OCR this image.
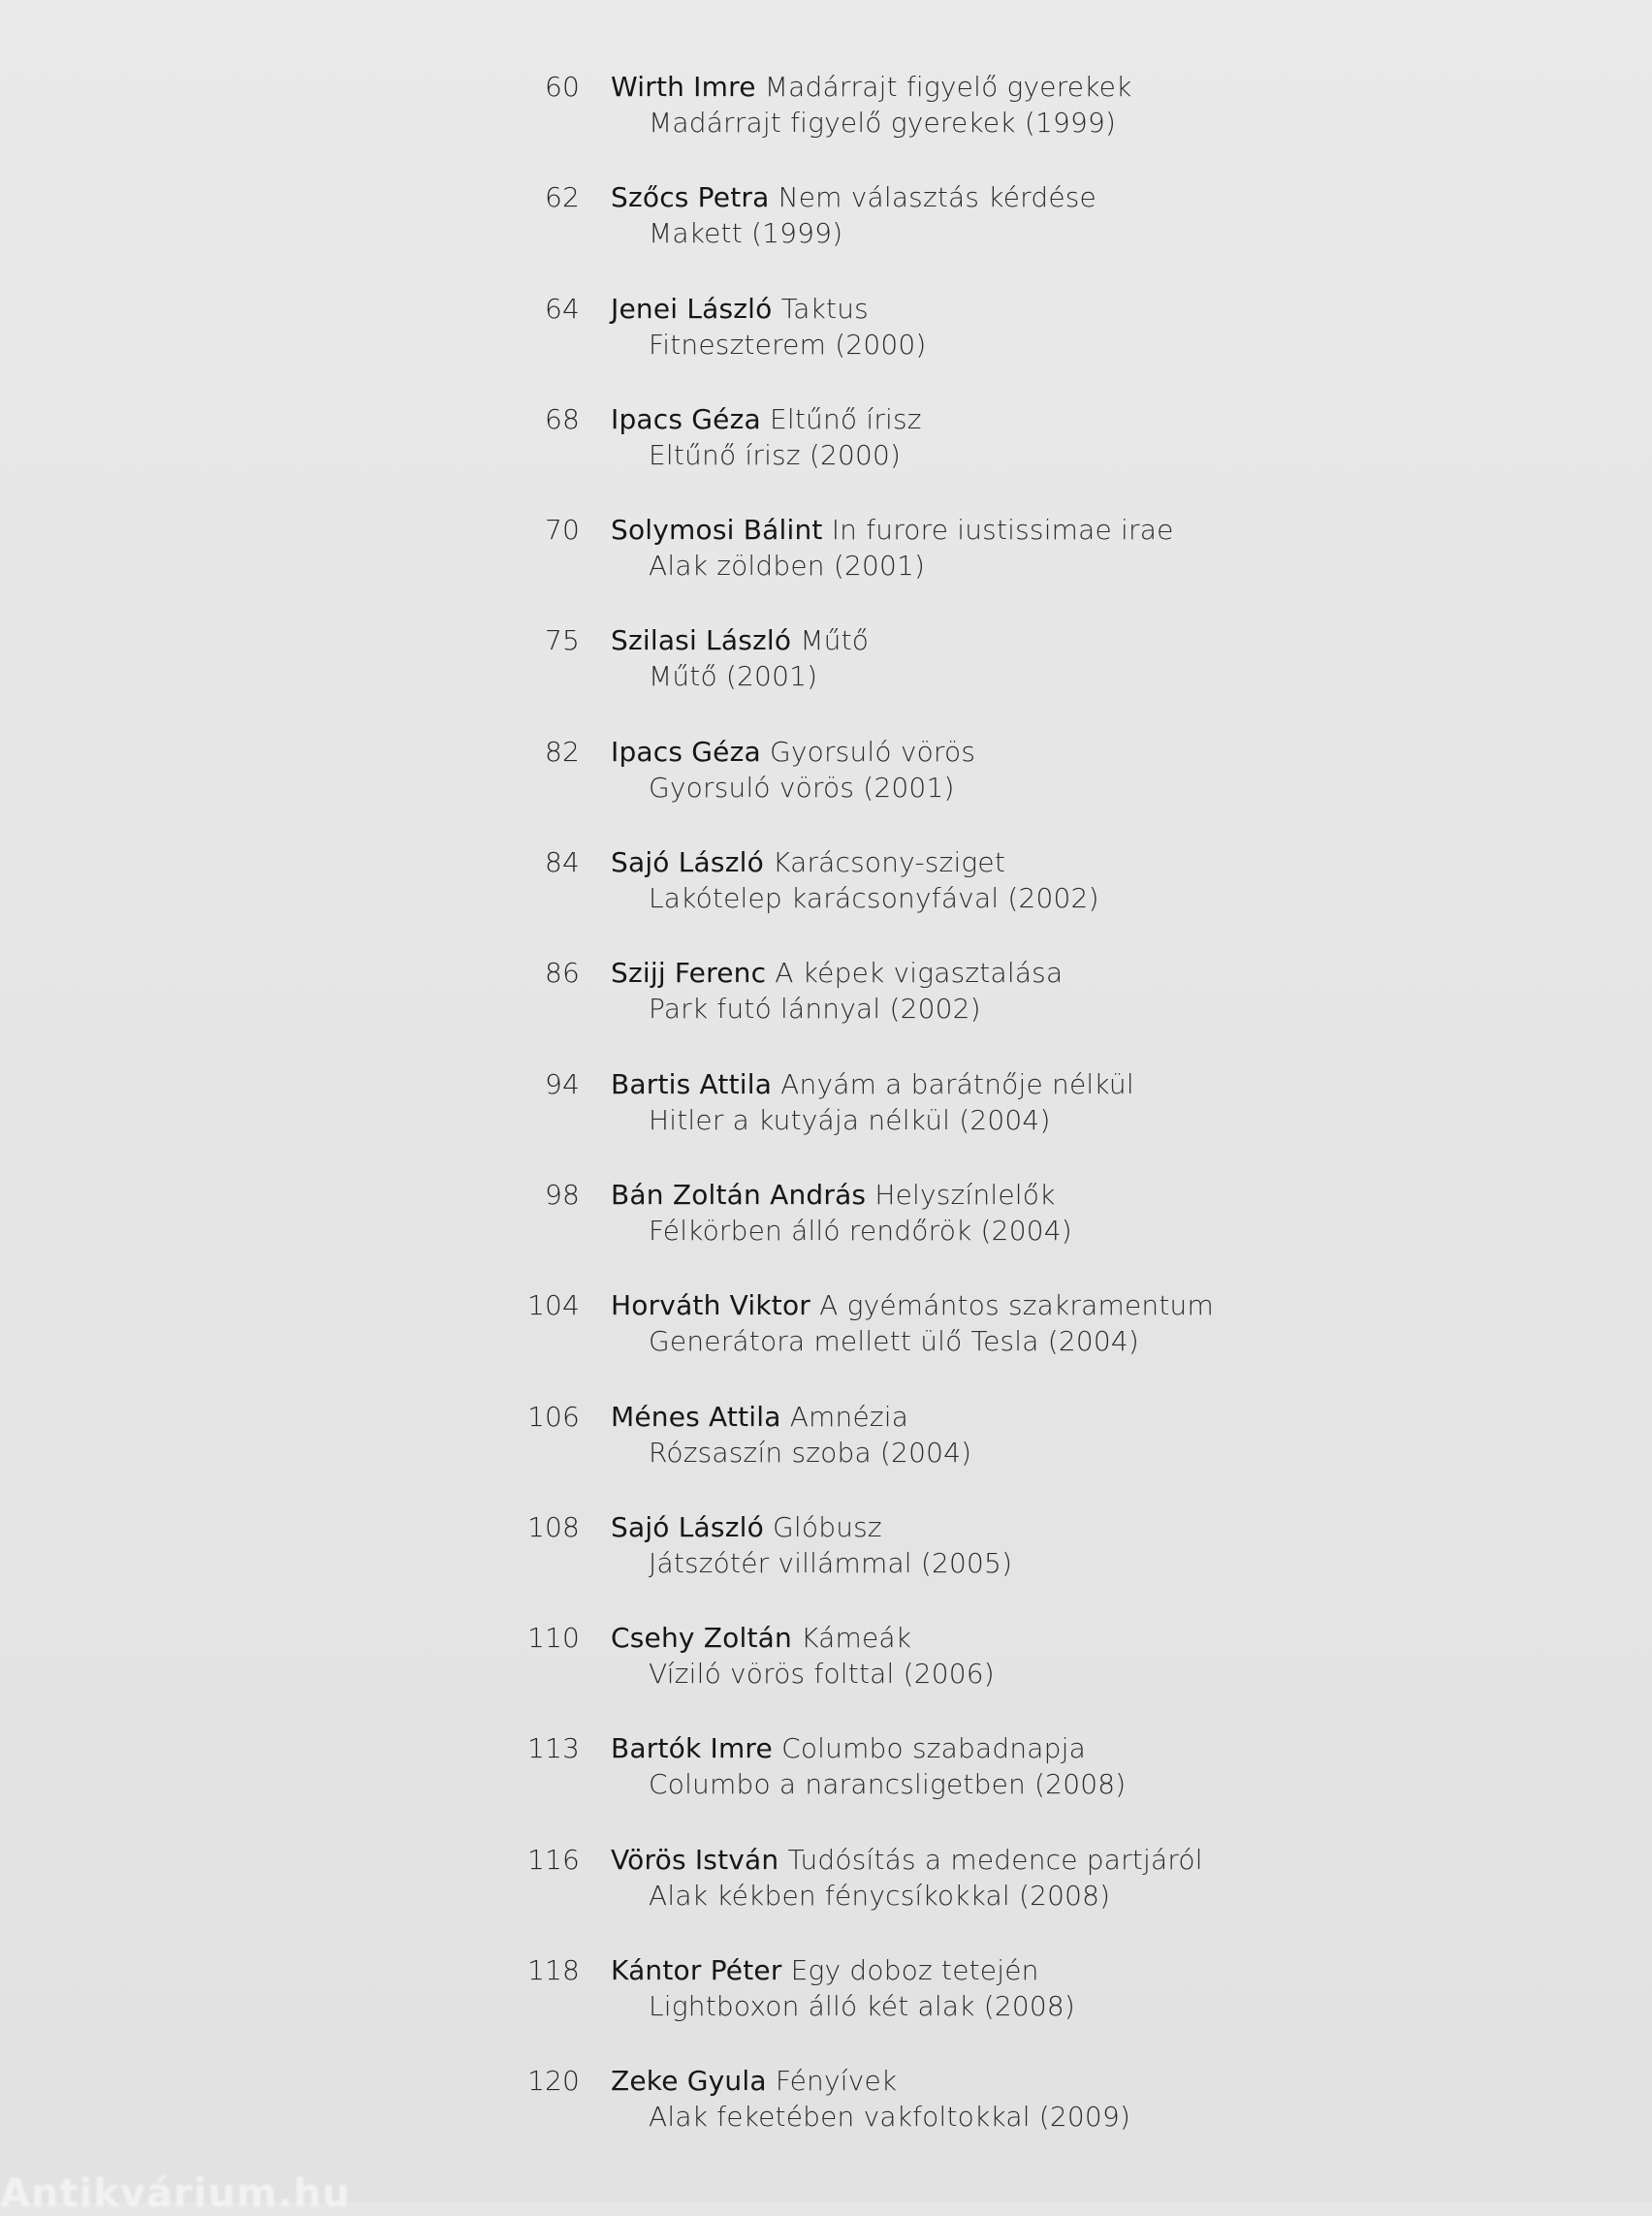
60 Wirth Imre Madárrajt figyelő gyerekek
Madárrajt figyelő gyerekek (1999)
62 Szőcs Petra Nem választás kérdése
Makett (1999)
64 Jenei László Taktus
Fitneszterem (2000)
68 Ipacs Géza Eltűnő írisz
Eltűnő írisz (2000)
70 Solymosi Bálint In furore iustissimae irae
Alak zöldben (2001)
75 Szilasi László Műtő
Műtő (2001)
82 Ipacs Géza Gyorsuló vörös
Gyorsuló vörös (2001)
84 Sajó László Karácsony-sziget
Lakótelep karácsonyfával (2002)
86 Szijj Ferenc A képek vigasztalása
Park futó lánnyal (2002)
94 Bartis Attila Anyám a barátnője nélkül
Hitler a kutyája nélkül (2004)
98 Bán Zoltán András Helyszínlelők
Félkörben álló rendőrök (2004)
104 Horváth Viktor A gyémántos szakramentum
Generátora mellett ülő Tesla (2004)
106 Ménes Attila Amnézia
Rózsaszín szoba (2004)
108 Sajó László Glóbusz
Játszótér villámmal (2005)
110 Csehy Zoltán Kámeák
Víziló vörös folttal (2006)
113 Bartók Imre Columbo szabadnapja
Columbo a narancsligetben (2008)
116 Vörös István Tudósítás a medence partjáról
Alak kékben fénycsíkokkal (2008)
118 Kántor Péter Egy doboz tetején
Lightboxon álló két alak (2008)
120 Zeke Gyula Fényívek
Alak feketében vakfoltokkal (2009)
Antikvárium.hu
